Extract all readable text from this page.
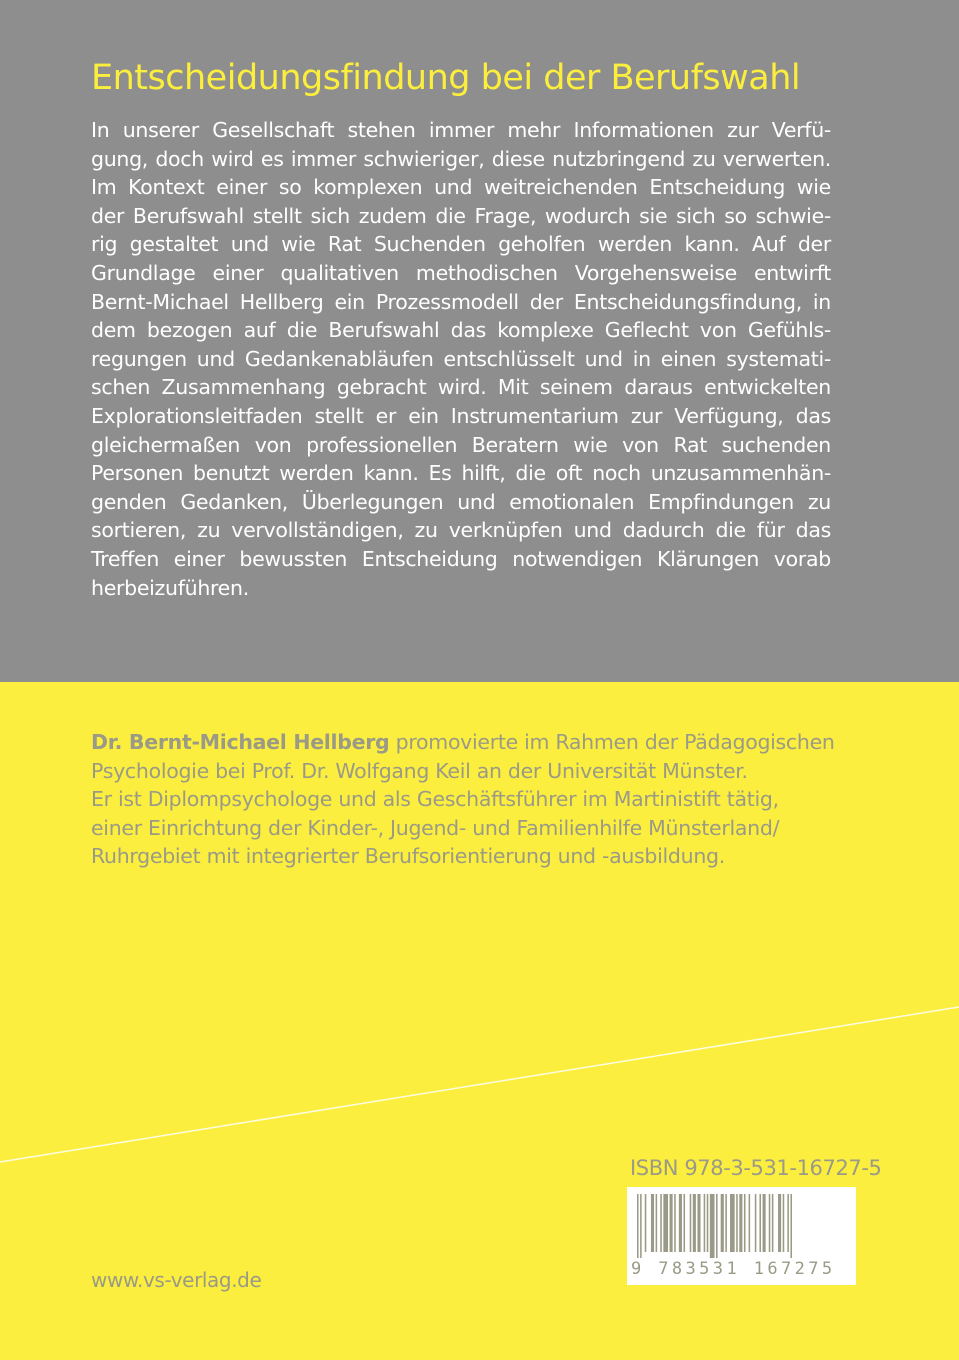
Entscheidungsfindung bei der Berufswahl
In unserer Gesellschaft stehen immer mehr Informationen zur Verfü-
gung, doch wird es immer schwieriger, diese nutzbringend zu verwerten.
Im Kontext einer so komplexen und weitreichenden Entscheidung wie
der Berufswahl stellt sich zudem die Frage, wodurch sie sich so schwie-
rig gestaltet und wie Rat Suchenden geholfen werden kann. Auf der
Grundlage einer qualitativen methodischen Vorgehensweise entwirft
Bernt-Michael Hellberg ein Prozessmodell der Entscheidungsfindung, in
dem bezogen auf die Berufswahl das komplexe Geflecht von Gefühls-
regungen und Gedankenabläufen entschlüsselt und in einen systemati-
schen Zusammenhang gebracht wird. Mit seinem daraus entwickelten
Explorationsleitfaden stellt er ein Instrumentarium zur Verfügung, das
gleichermaßen von professionellen Beratern wie von Rat suchenden
Personen benutzt werden kann. Es hilft, die oft noch unzusammenhän-
genden Gedanken, Überlegungen und emotionalen Empfindungen zu
sortieren, zu vervollständigen, zu verknüpfen und dadurch die für das
Treffen einer bewussten Entscheidung notwendigen Klärungen vorab
herbeizuführen.
Dr. Bernt-Michael Hellberg promovierte im Rahmen der Pädagogischen
Psychologie bei Prof. Dr. Wolfgang Keil an der Universität Münster.
Er ist Diplompsychologe und als Geschäftsführer im Martinistift tätig,
einer Einrichtung der Kinder-, Jugend- und Familienhilfe Münsterland/
Ruhrgebiet mit integrierter Berufsorientierung und -ausbildung.
ISBN 978-3-531-16727-5
9 783531 167275
www.vs-verlag.de
